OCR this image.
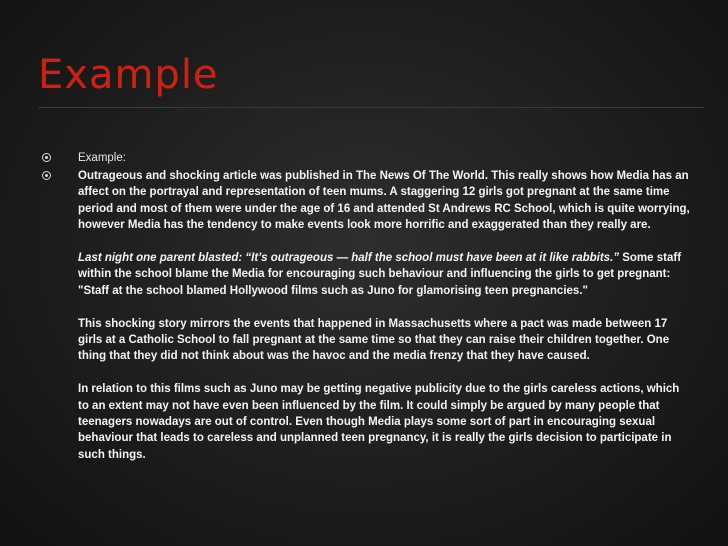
Example
Example:

Outrageous and shocking article was published in The News Of The World. This really shows how Media has an affect on the portrayal and representation of teen mums. A staggering 12 girls got pregnant at the same time period and most of them were under the age of 16 and attended St Andrews RC School, which is quite worrying, however Media has the tendency to make events look more horrific and exaggerated than they really are.

Last night one parent blasted: “It’s outrageous — half the school must have been at it like rabbits.” Some staff within the school blame the Media for encouraging such behaviour and influencing the girls to get pregnant: "Staff at the school blamed Hollywood films such as Juno for glamorising teen pregnancies."

This shocking story mirrors the events that happened in Massachusetts where a pact was made between 17 girls at a Catholic School to fall pregnant at the same time so that they can raise their children together. One thing that they did not think about was the havoc and the media frenzy that they have caused.

In relation to this films such as Juno may be getting negative publicity due to the girls careless actions, which to an extent may not have even been influenced by the film. It could simply be argued by many people that teenagers nowadays are out of control. Even though Media plays some sort of part in encouraging sexual behaviour that leads to careless and unplanned teen pregnancy, it is really the girls decision to participate in such things.
